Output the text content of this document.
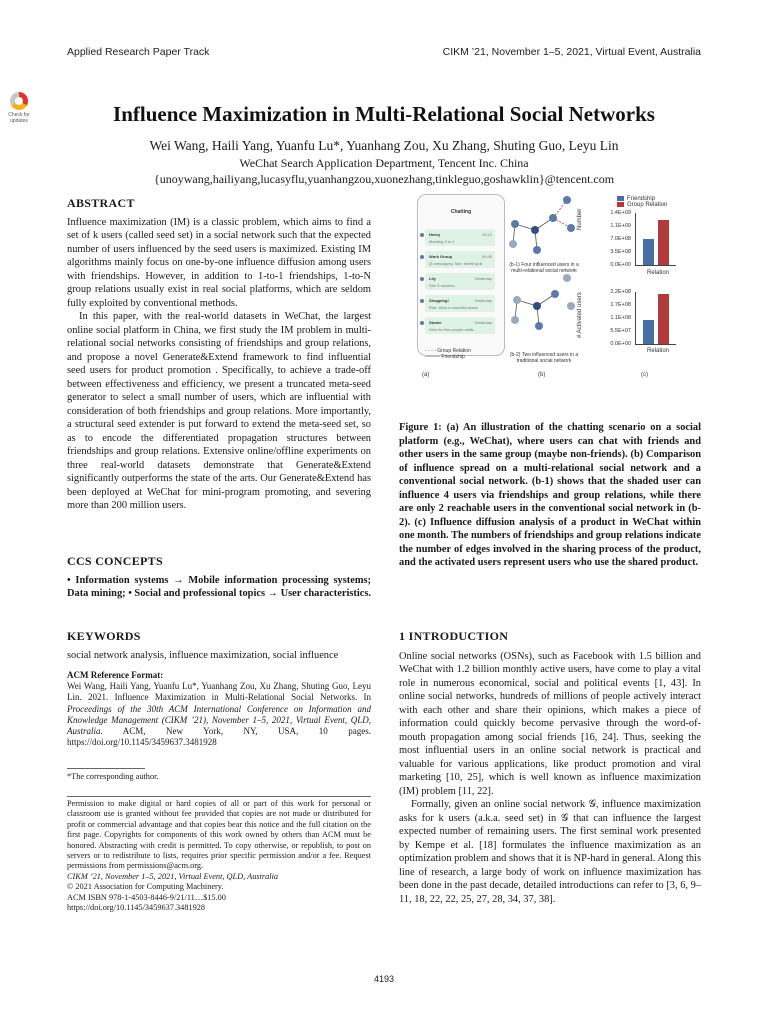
Applied Research Paper Track	CIKM ’21, November 1–5, 2021, Virtual Event, Australia
Check for
updates	Influence Maximization in Multi-Relational Social Networks
Wei Wang, Haili Yang, Yuanfu Lu*, Yuanhang Zou, Xu Zhang, Shuting Guo, Leyu Lin
WeChat Search Application Department, Tencent Inc. China
{unoywang,hailiyang,lucasyflu,yuanhangzou,xuonezhang,tinkleguo,goshawklin}@tencent.com
ABSTRACT

Influence maximization (IM) is a classic problem, which aims to find a set of k users (called seed set) in a social network such that the expected number of users influenced by the seed users is maximized. Existing IM algorithms mainly focus on one-by-one influence diffusion among users with friendships. However, in addition to 1-to-1 friendships, 1-to-N group relations usually exist in real social platforms, which are seldom fully exploited by conventional methods.

In this paper, with the real-world datasets in WeChat, the largest online social platform in China, we first study the IM problem in multi-relational social networks consisting of friendships and group relations, and propose a novel Generate&Extend framework to find influential seed users for product promotion . Specifically, to achieve a trade-off between effectiveness and efficiency, we present a truncated meta-seed generator to select a small number of users, which are influential with consideration of both friendships and group relations. More importantly, a structural seed extender is put forward to extend the meta-seed set, so as to encode the differentiated propagation structures between friendships and group relations. Extensive online/offline experiments on three real-world datasets demonstrate that Generate&Extend significantly outperforms the state of the arts. Our Generate&Extend has been deployed at WeChat for mini-program promoting, and severing more than 200 million users.

CCS CONCEPTS

• Information systems → Mobile information processing systems; Data mining; • Social and professional topics → User characteristics.

KEYWORDS

social network analysis, influence maximization, social influence

ACM Reference Format:

Wei Wang, Haili Yang, Yuanfu Lu*, Yuanhang Zou, Xu Zhang, Shuting Guo, Leyu Lin. 2021. Influence Maximization in Multi-Relational Social Networks. In Proceedings of the 30th ACM International Conference on Information and Knowledge Management (CIKM ’21), November 1–5, 2021, Virtual Event, QLD, Australia. ACM, New York, NY, USA, 10 pages. https://doi.org/10.1145/3459637.3481928

*The corresponding author.

Permission to make digital or hard copies of all or part of this work for personal or classroom use is granted without fee provided that copies are not made or distributed for profit or commercial advantage and that copies bear this notice and the full citation on the first page. Copyrights for components of this work owned by others than ACM must be honored. Abstracting with credit is permitted. To copy otherwise, or republish, to post on servers or to redistribute to lists, requires prior specific permission and/or a fee. Request permissions from permissions@acm.org.

CIKM ’21, November 1–5, 2021, Virtual Event, QLD, Australia
© 2021 Association for Computing Machinery.
ACM ISBN 978-1-4503-8446-9/21/11…$15.00
https://doi.org/10.1145/3459637.3481928
Chatting
Henry	10:12
Meeting 3 to 4
Work Group	09:40
[3 messages] Tom: Meeting at
Lily	Yesterday
See 3 minutes
Shopping!	Yesterday
Rita: Wow a beautiful dress
Stober	Yesterday
Nice for fine people walls
- - - - Group Relation
——— Friendship
(b-1) Four influenced users in a multi-relational social network
(b-2) Two influenced users in a traditional social network
Friendship
Group Relation
Number
0.0E+00
3.5E+08
7.0E+08
1.1E+09
1.4E+09
Relation
# Activated users
0.0E+00
5.5E+07
1.1E+08
1.7E+08
2.2E+08
Relation
(a)	(b)	(c)
Figure 1: (a) An illustration of the chatting scenario on a social platform (e.g., WeChat), where users can chat with friends and other users in the same group (maybe non-friends). (b) Comparison of influence spread on a multi-relational social network and a conventional social network. (b-1) shows that the shaded user can influence 4 users via friendships and group relations, while there are only 2 reachable users in the conventional social network in (b-2). (c) Influence diffusion analysis of a product in WeChat within one month. The numbers of friendships and group relations indicate the number of edges involved in the sharing process of the product, and the activated users represent users who use the shared product.
1 INTRODUCTION

Online social networks (OSNs), such as Facebook with 1.5 billion and WeChat with 1.2 billion monthly active users, have come to play a vital role in numerous economical, social and political events [1, 43]. In online social networks, hundreds of millions of people actively interact with each other and share their opinions, which makes a piece of information could quickly become pervasive through the word-of-mouth propagation among social friends [16, 24]. Thus, seeking the most influential users in an online social network is practical and valuable for various applications, like product promotion and viral marketing [10, 25], which is well known as influence maximization (IM) problem [11, 22].

Formally, given an online social network 𝒢, influence maximization asks for k users (a.k.a. seed set) in 𝒢 that can influence the largest expected number of remaining users. The first seminal work presented by Kempe et al. [18] formulates the influence maximization as an optimization problem and shows that it is NP-hard in general. Along this line of research, a large body of work on influence maximization has been done in the past decade, detailed introductions can refer to [3, 6, 9–11, 18, 22, 22, 25, 27, 28, 34, 37, 38].

4193
